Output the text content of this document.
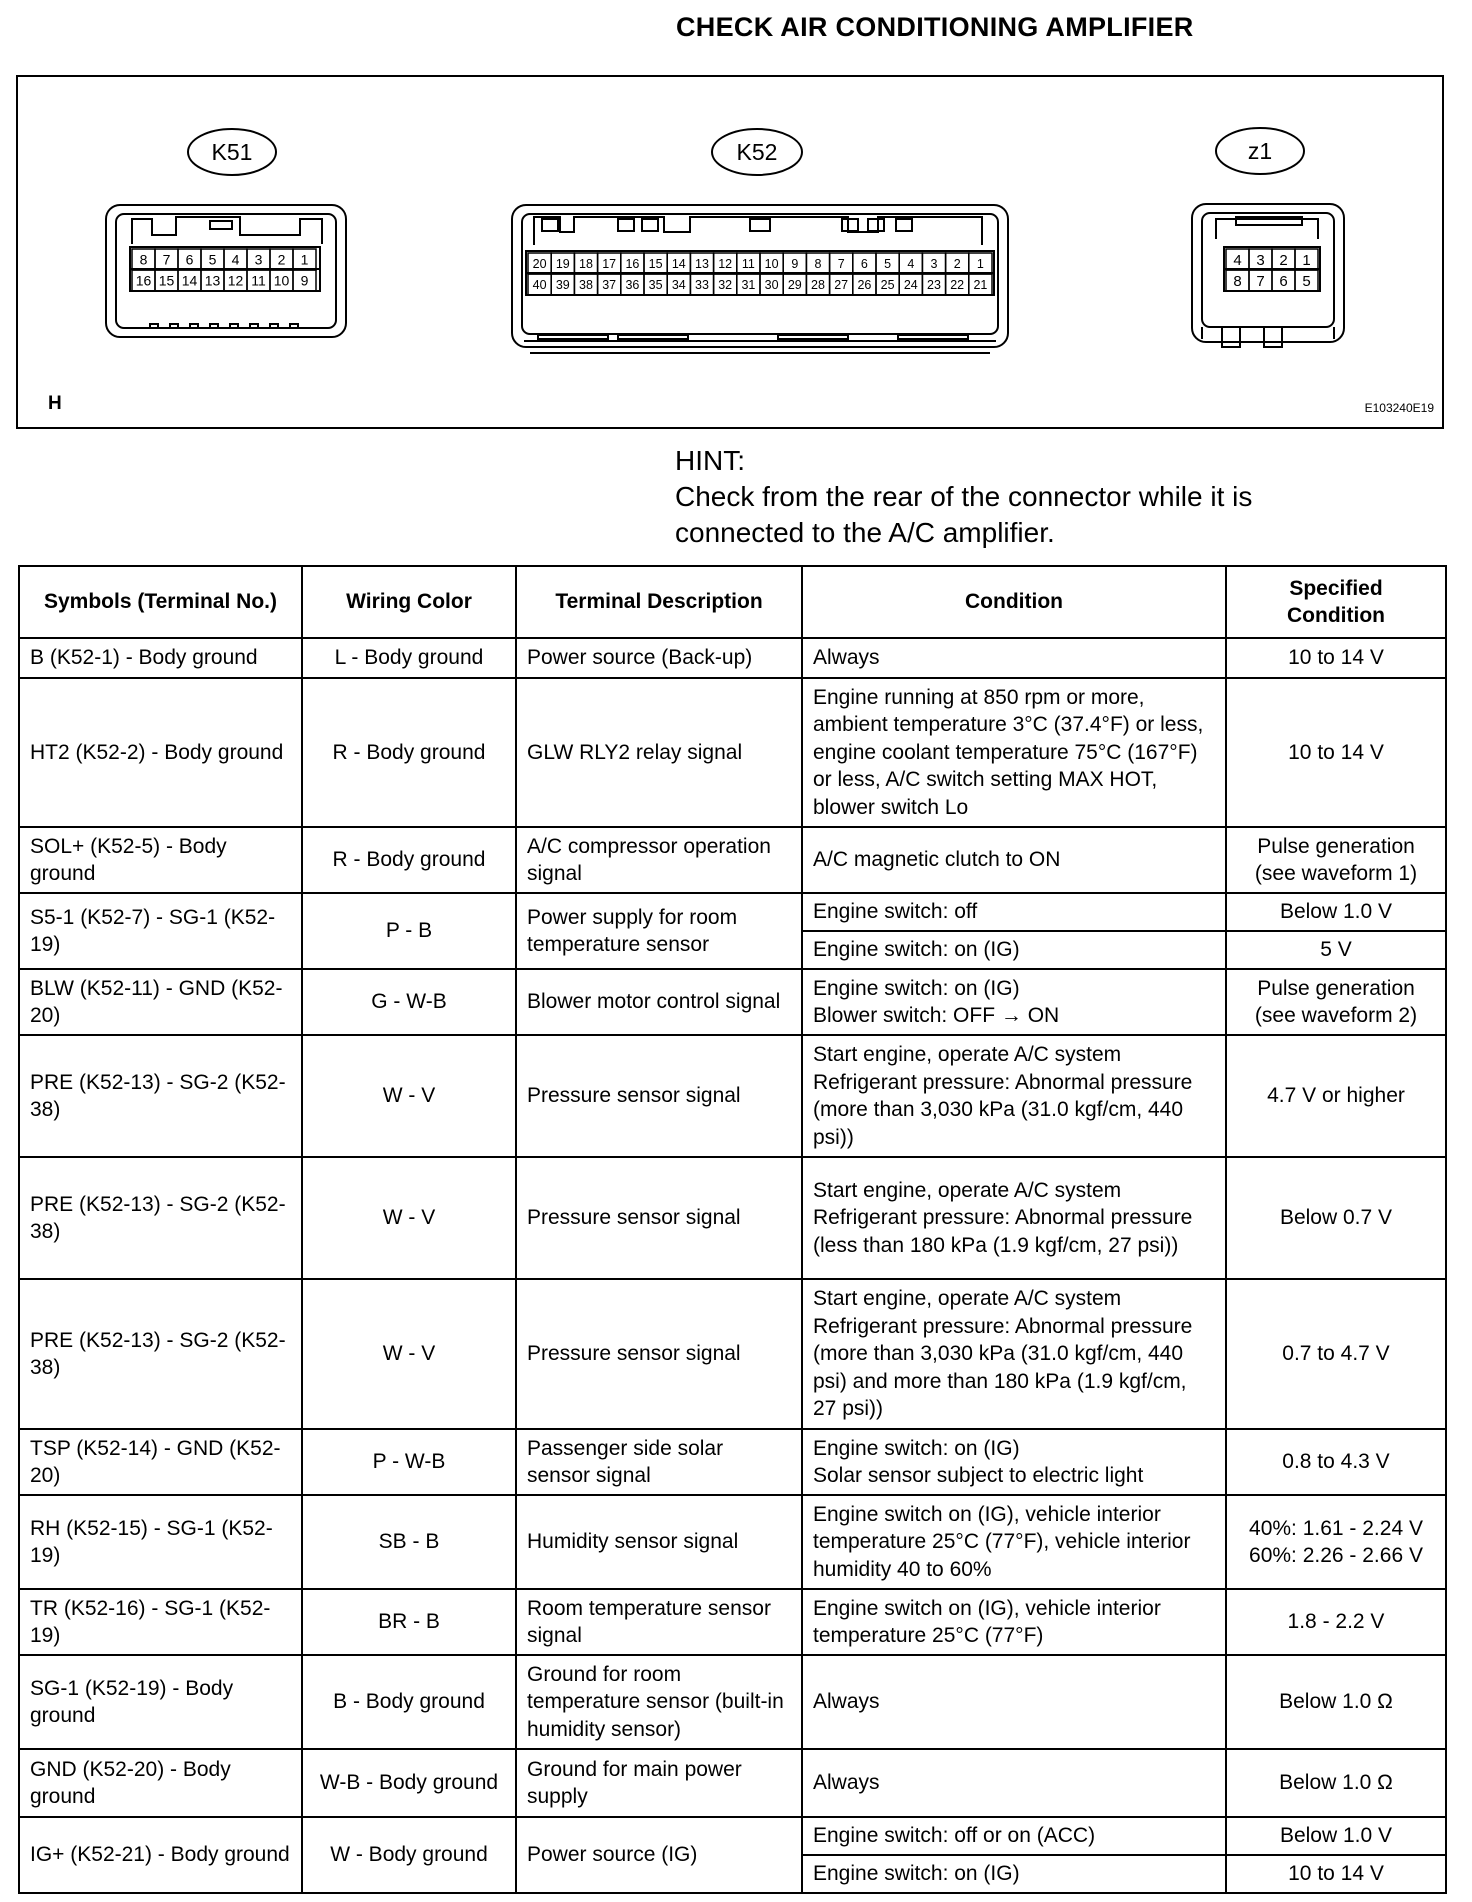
CHECK AIR CONDITIONING AMPLIFIER
K51
8 7 6 5 4 3 2 1
16 15 14 13 12 11 10 9
K52
20 19 18 17 16 15 14 13 12 11 10 9 8 7 6 5 4 3 2 1
40 39 38 37 36 35 34 33 32 31 30 29 28 27 26 25 24 23 22 21
z1
4 3 2 1
8 7 6 5
H	E103240E19
HINT:
Check from the rear of the connector while it is
connected to the A/C amplifier.
Symbols (Terminal No.)	Wiring Color	Terminal Description	Condition	Specified
Condition
B (K52-1) - Body ground	L - Body ground	Power source (Back-up)	Always	10 to 14 V
HT2 (K52-2) - Body ground	R - Body ground	GLW RLY2 relay signal	Engine running at 850 rpm or more, ambient temperature 3°C (37.4°F) or less, engine coolant temperature 75°C (167°F) or less, A/C switch setting MAX HOT, blower switch Lo	10 to 14 V
SOL+ (K52-5) - Body ground	R - Body ground	A/C compressor operation signal	A/C magnetic clutch to ON	Pulse generation
(see waveform 1)
S5-1 (K52-7) - SG-1 (K52-19)	P - B	Power supply for room temperature sensor	Engine switch: off	Below 1.0 V
			Engine switch: on (IG)	5 V
BLW (K52-11) - GND (K52-20)	G - W-B	Blower motor control signal	Engine switch: on (IG)
Blower switch: OFF → ON	Pulse generation
(see waveform 2)
PRE (K52-13) - SG-2 (K52-38)	W - V	Pressure sensor signal	Start engine, operate A/C system
Refrigerant pressure: Abnormal pressure (more than 3,030 kPa (31.0 kgf/cm, 440 psi))	4.7 V or higher
PRE (K52-13) - SG-2 (K52-38)	W - V	Pressure sensor signal	Start engine, operate A/C system
Refrigerant pressure: Abnormal pressure (less than 180 kPa (1.9 kgf/cm, 27 psi))	Below 0.7 V
PRE (K52-13) - SG-2 (K52-38)	W - V	Pressure sensor signal	Start engine, operate A/C system
Refrigerant pressure: Abnormal pressure (more than 3,030 kPa (31.0 kgf/cm, 440 psi) and more than 180 kPa (1.9 kgf/cm, 27 psi))	0.7 to 4.7 V
TSP (K52-14) - GND (K52-20)	P - W-B	Passenger side solar sensor signal	Engine switch: on (IG)
Solar sensor subject to electric light	0.8 to 4.3 V
RH (K52-15) - SG-1 (K52-19)	SB - B	Humidity sensor signal	Engine switch on (IG), vehicle interior temperature 25°C (77°F), vehicle interior humidity 40 to 60%	40%: 1.61 - 2.24 V
60%: 2.26 - 2.66 V
TR (K52-16) - SG-1 (K52-19)	BR - B	Room temperature sensor signal	Engine switch on (IG), vehicle interior temperature 25°C (77°F)	1.8 - 2.2 V
SG-1 (K52-19) - Body ground	B - Body ground	Ground for room temperature sensor (built-in humidity sensor)	Always	Below 1.0 Ω
GND (K52-20) - Body ground	W-B - Body ground	Ground for main power supply	Always	Below 1.0 Ω
IG+ (K52-21) - Body ground	W - Body ground	Power source (IG)	Engine switch: off or on (ACC)	Below 1.0 V
			Engine switch: on (IG)	10 to 14 V
